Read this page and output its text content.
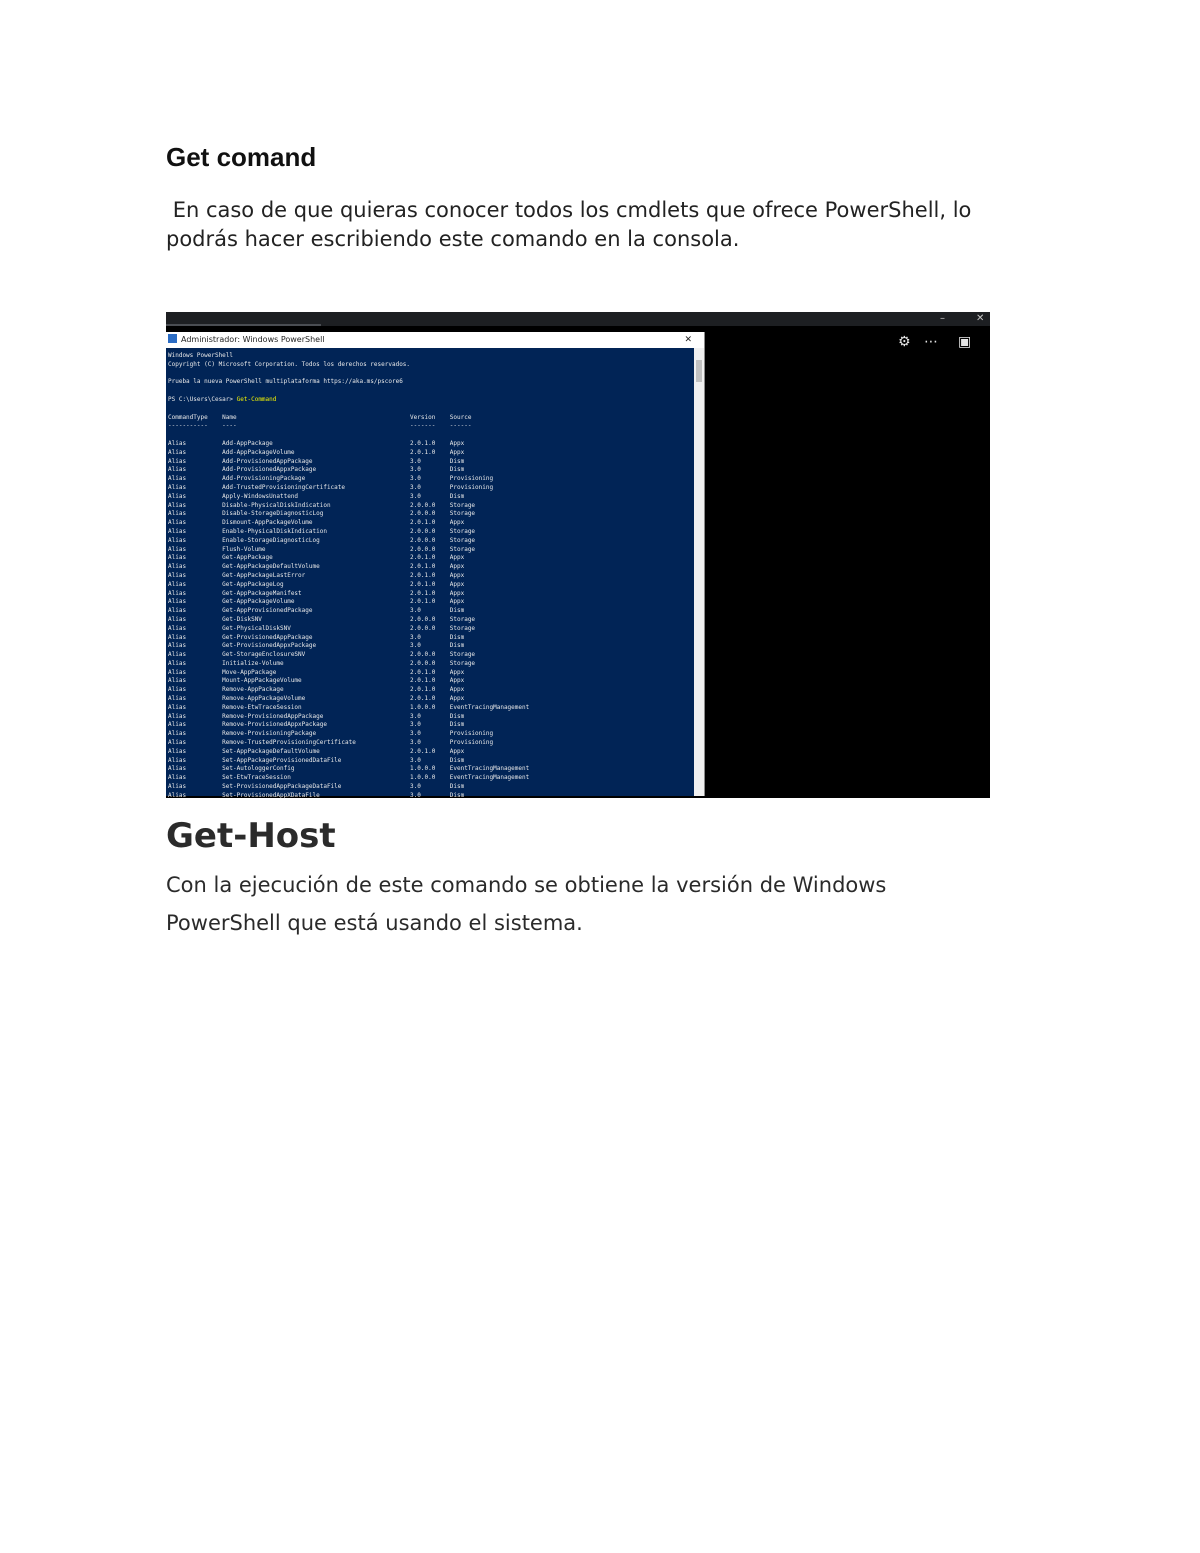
Get comand

En caso de que quieras conocer todos los cmdlets que ofrece PowerShell, lo podrás hacer escribiendo este comando en la consola.

–	✕
⚙ ⋯ ▣
Administrador: Windows PowerShell	✕
Windows PowerShell
Copyright (C) Microsoft Corporation. Todos los derechos reservados.

Prueba la nueva PowerShell multiplataforma https://aka.ms/pscore6

PS C:\Users\Cesar> Get-Command

CommandType    Name                                                Version    Source
-----------    ----                                                -------    ------

Alias          Add-AppPackage                                      2.0.1.0    Appx
Alias          Add-AppPackageVolume                                2.0.1.0    Appx
Alias          Add-ProvisionedAppPackage                           3.0        Dism
Alias          Add-ProvisionedAppxPackage                          3.0        Dism
Alias          Add-ProvisioningPackage                             3.0        Provisioning
Alias          Add-TrustedProvisioningCertificate                  3.0        Provisioning
Alias          Apply-WindowsUnattend                               3.0        Dism
Alias          Disable-PhysicalDiskIndication                      2.0.0.0    Storage
Alias          Disable-StorageDiagnosticLog                        2.0.0.0    Storage
Alias          Dismount-AppPackageVolume                           2.0.1.0    Appx
Alias          Enable-PhysicalDiskIndication                       2.0.0.0    Storage
Alias          Enable-StorageDiagnosticLog                         2.0.0.0    Storage
Alias          Flush-Volume                                        2.0.0.0    Storage
Alias          Get-AppPackage                                      2.0.1.0    Appx
Alias          Get-AppPackageDefaultVolume                         2.0.1.0    Appx
Alias          Get-AppPackageLastError                             2.0.1.0    Appx
Alias          Get-AppPackageLog                                   2.0.1.0    Appx
Alias          Get-AppPackageManifest                              2.0.1.0    Appx
Alias          Get-AppPackageVolume                                2.0.1.0    Appx
Alias          Get-AppProvisionedPackage                           3.0        Dism
Alias          Get-DiskSNV                                         2.0.0.0    Storage
Alias          Get-PhysicalDiskSNV                                 2.0.0.0    Storage
Alias          Get-ProvisionedAppPackage                           3.0        Dism
Alias          Get-ProvisionedAppxPackage                          3.0        Dism
Alias          Get-StorageEnclosureSNV                             2.0.0.0    Storage
Alias          Initialize-Volume                                   2.0.0.0    Storage
Alias          Move-AppPackage                                     2.0.1.0    Appx
Alias          Mount-AppPackageVolume                              2.0.1.0    Appx
Alias          Remove-AppPackage                                   2.0.1.0    Appx
Alias          Remove-AppPackageVolume                             2.0.1.0    Appx
Alias          Remove-EtwTraceSession                              1.0.0.0    EventTracingManagement
Alias          Remove-ProvisionedAppPackage                        3.0        Dism
Alias          Remove-ProvisionedAppxPackage                       3.0        Dism
Alias          Remove-ProvisioningPackage                          3.0        Provisioning
Alias          Remove-TrustedProvisioningCertificate               3.0        Provisioning
Alias          Set-AppPackageDefaultVolume                         2.0.1.0    Appx
Alias          Set-AppPackageProvisionedDataFile                   3.0        Dism
Alias          Set-AutologgerConfig                                1.0.0.0    EventTracingManagement
Alias          Set-EtwTraceSession                                 1.0.0.0    EventTracingManagement
Alias          Set-ProvisionedAppPackageDataFile                   3.0        Dism
Alias          Set-ProvisionedAppXDataFile                         3.0        Dism
Get-Host

Con la ejecución de este comando se obtiene la versión de Windows PowerShell que está usando el sistema.
